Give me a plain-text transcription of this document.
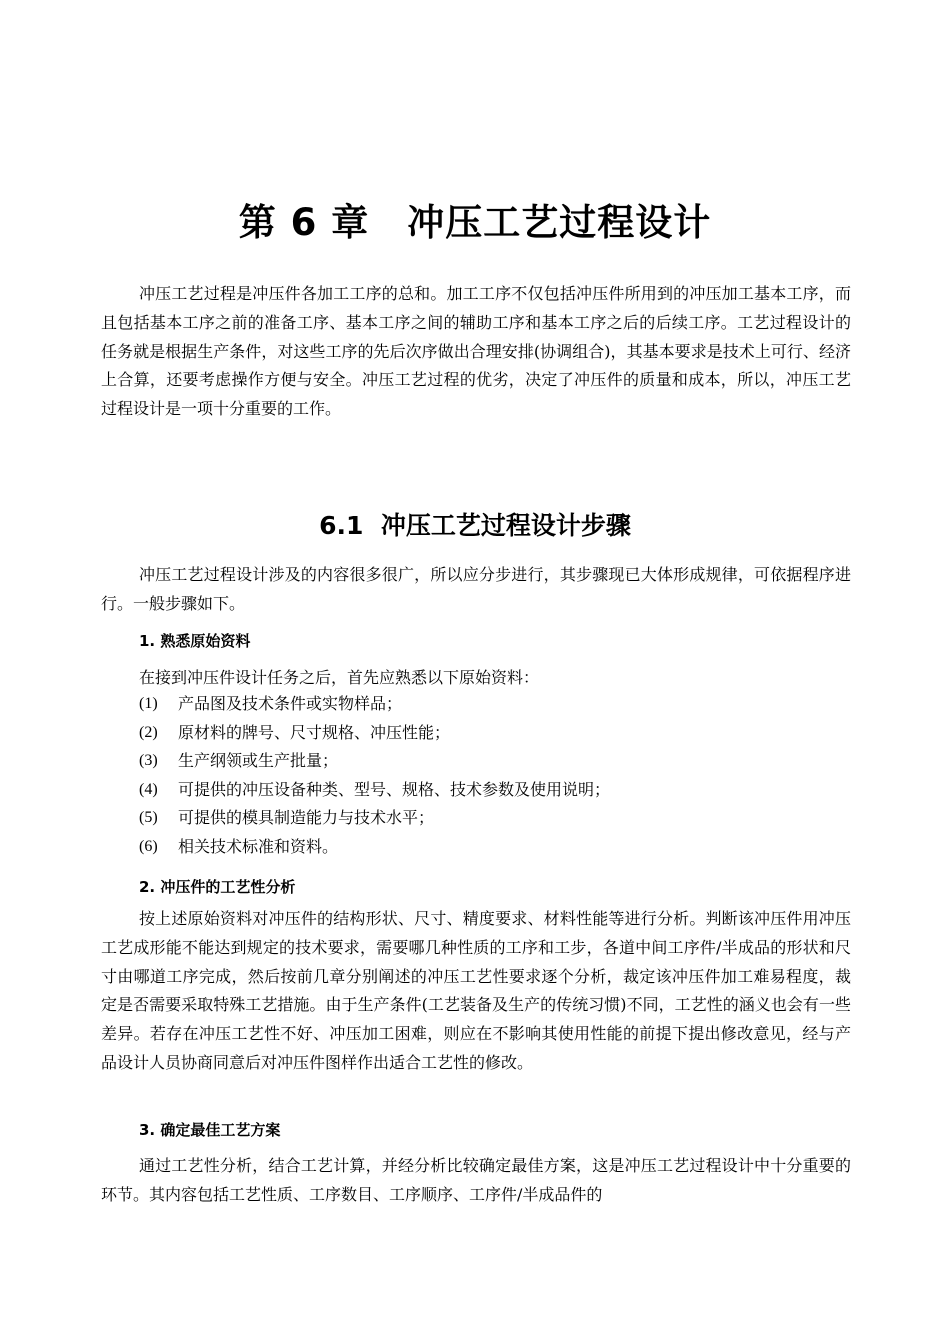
第 6 章　冲压工艺过程设计

冲压工艺过程是冲压件各加工工序的总和。加工工序不仅包括冲压件所用到的冲压加工基本工序，而且包括基本工序之前的准备工序、基本工序之间的辅助工序和基本工序之后的后续工序。工艺过程设计的任务就是根据生产条件，对这些工序的先后次序做出合理安排(协调组合)，其基本要求是技术上可行、经济上合算，还要考虑操作方便与安全。冲压工艺过程的优劣，决定了冲压件的质量和成本，所以，冲压工艺过程设计是一项十分重要的工作。

6.1  冲压工艺过程设计步骤

冲压工艺过程设计涉及的内容很多很广，所以应分步进行，其步骤现已大体形成规律，可依据程序进行。一般步骤如下。

1. 熟悉原始资料

在接到冲压件设计任务之后，首先应熟悉以下原始资料：

(1)	产品图及技术条件或实物样品；
(2)	原材料的牌号、尺寸规格、冲压性能；
(3)	生产纲领或生产批量；
(4)	可提供的冲压设备种类、型号、规格、技术参数及使用说明；
(5)	可提供的模具制造能力与技术水平；
(6)	相关技术标准和资料。
2. 冲压件的工艺性分析

按上述原始资料对冲压件的结构形状、尺寸、精度要求、材料性能等进行分析。判断该冲压件用冲压工艺成形能不能达到规定的技术要求，需要哪几种性质的工序和工步，各道中间工序件/半成品的形状和尺寸由哪道工序完成，然后按前几章分别阐述的冲压工艺性要求逐个分析，裁定该冲压件加工难易程度，裁定是否需要采取特殊工艺措施。由于生产条件(工艺装备及生产的传统习惯)不同，工艺性的涵义也会有一些差异。若存在冲压工艺性不好、冲压加工困难，则应在不影响其使用性能的前提下提出修改意见，经与产品设计人员协商同意后对冲压件图样作出适合工艺性的修改。

3. 确定最佳工艺方案

通过工艺性分析，结合工艺计算，并经分析比较确定最佳方案，这是冲压工艺过程设计中十分重要的环节。其内容包括工艺性质、工序数目、工序顺序、工序件/半成品件的
